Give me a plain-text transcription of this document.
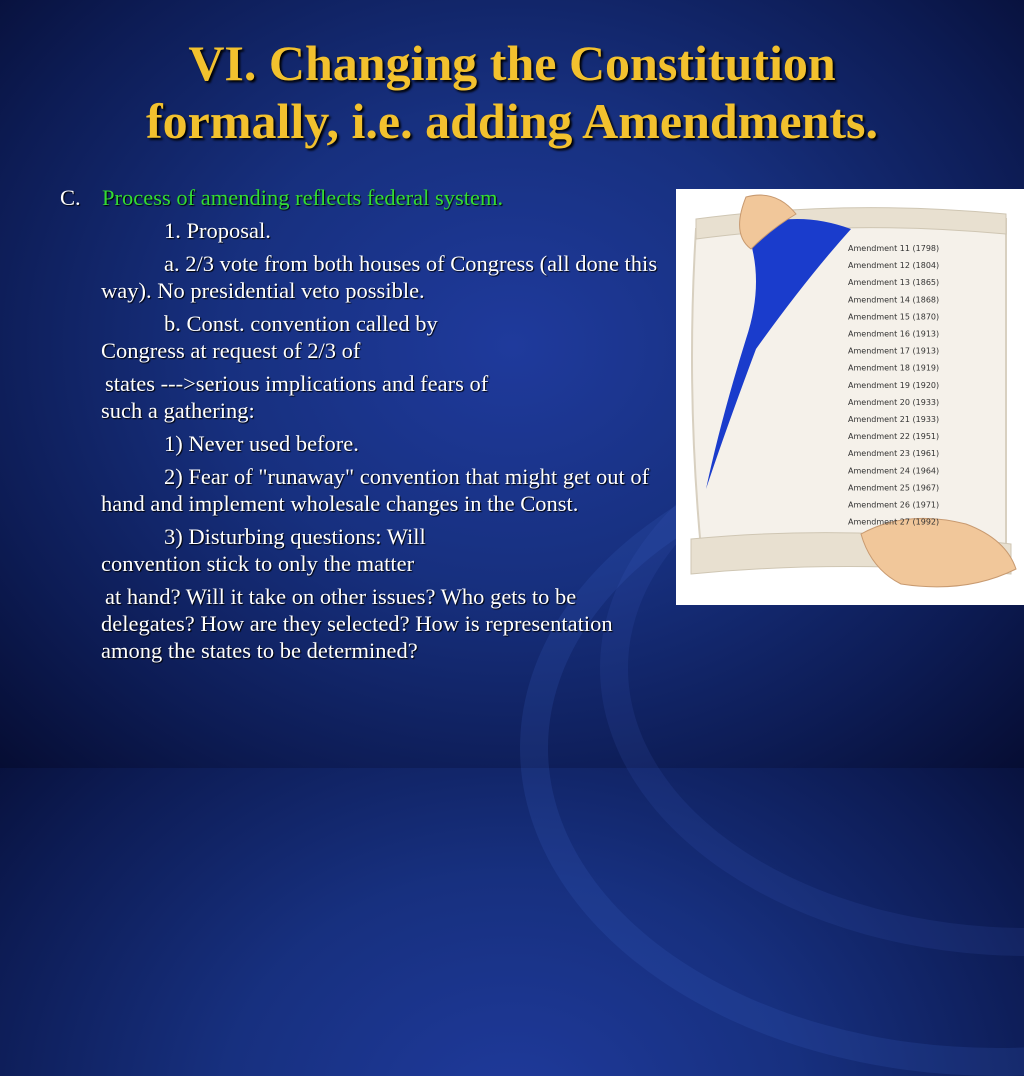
VI. Changing the Constitution
formally, i.e. adding Amendments.
C. Process of amending reflects federal system.
1. Proposal.
a. 2/3 vote from both houses of Congress (all done this way). No presidential veto possible.
b. Const. convention called by
Congress at request of 2/3 of
states --->serious implications and fears of
such a gathering:
1) Never used before.
2) Fear of "runaway" convention that might get out of hand and implement wholesale changes in the Const.
3) Disturbing questions: Will
convention stick to only the matter
at hand? Will it take on other issues? Who gets to be delegates? How are they selected? How is representation among the states to be determined?
Amendment 11 (1798)
Amendment 12 (1804)
Amendment 13 (1865)
Amendment 14 (1868)
Amendment 15 (1870)
Amendment 16 (1913)
Amendment 17 (1913)
Amendment 18 (1919)
Amendment 19 (1920)
Amendment 20 (1933)
Amendment 21 (1933)
Amendment 22 (1951)
Amendment 23 (1961)
Amendment 24 (1964)
Amendment 25 (1967)
Amendment 26 (1971)
Amendment 27 (1992)
